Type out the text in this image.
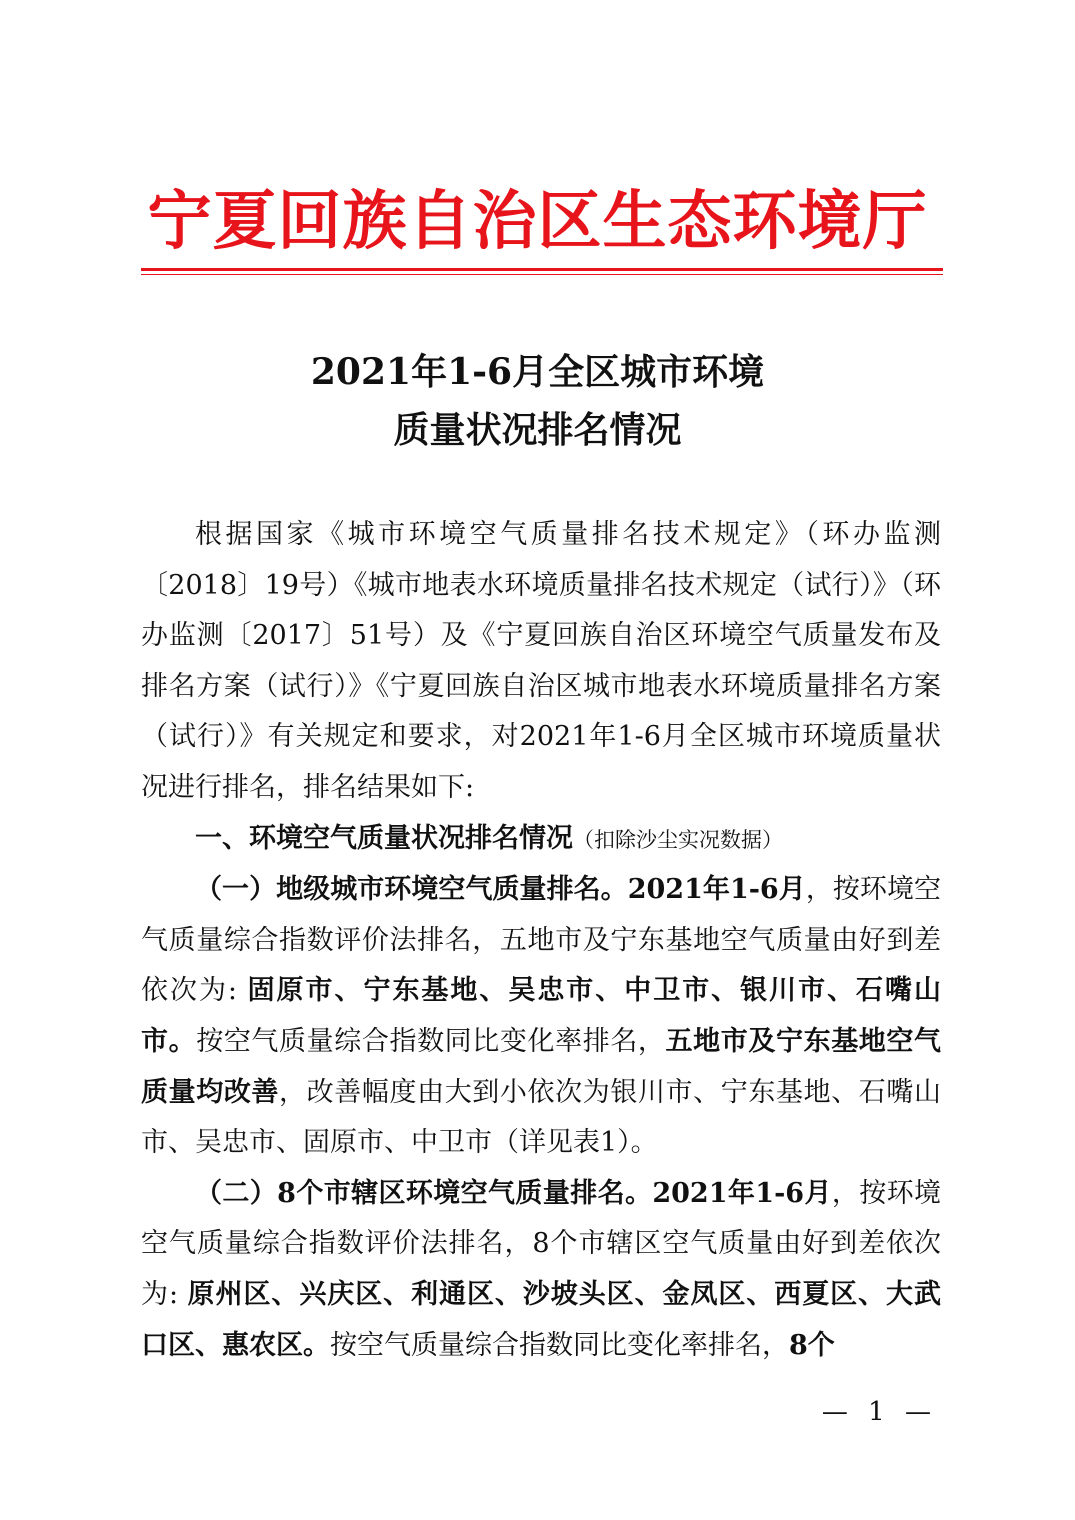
宁夏回族自治区生态环境厅
2021年1-6月全区城市环境
质量状况排名情况

根据国家《城市环境空气质量排名技术规定》（环办监测〔2018〕19号）《城市地表水环境质量排名技术规定（试行）》（环办监测〔2017〕51号）及《宁夏回族自治区环境空气质量发布及排名方案（试行）》《宁夏回族自治区城市地表水环境质量排名方案（试行）》有关规定和要求，对2021年1-6月全区城市环境质量状况进行排名，排名结果如下:

一、环境空气质量状况排名情况（扣除沙尘实况数据）

（一）地级城市环境空气质量排名。2021年1-6月，按环境空气质量综合指数评价法排名，五地市及宁东基地空气质量由好到差依次为: 固原市、宁东基地、吴忠市、中卫市、银川市、石嘴山市。按空气质量综合指数同比变化率排名，五地市及宁东基地空气质量均改善，改善幅度由大到小依次为银川市、宁东基地、石嘴山市、吴忠市、固原市、中卫市（详见表1）。

（二）8个市辖区环境空气质量排名。2021年1-6月，按环境空气质量综合指数评价法排名，8个市辖区空气质量由好到差依次为: 原州区、兴庆区、利通区、沙坡头区、金凤区、西夏区、大武口区、惠农区。按空气质量综合指数同比变化率排名，8个

— 1 —
